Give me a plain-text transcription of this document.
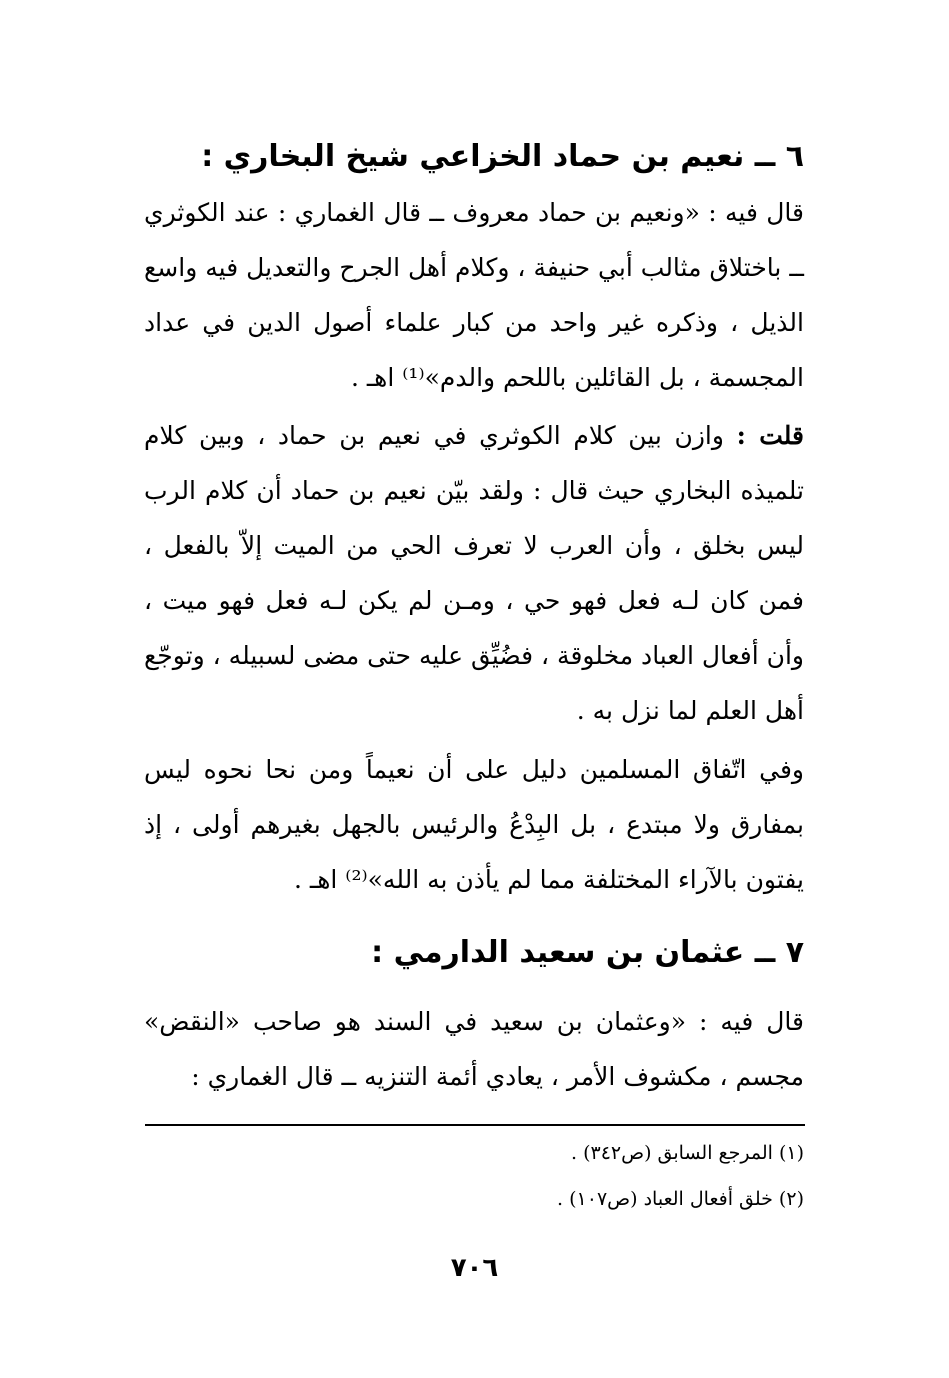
٦ ــ نعيم بن حماد الخزاعي شيخ البخاري :
قال فيه : «ونعيم بن حماد معروف ــ قال الغماري : عند الكوثري ــ باختلاق مثالب أبي حنيفة ، وكلام أهل الجرح والتعديل فيه واسع الذيل ، وذكره غير واحد من كبار علماء أصول الدين في عداد المجسمة ، بل القائلين باللحم والدم»⁽¹⁾ اهـ .
قلت : وازن بين كلام الكوثري في نعيم بن حماد ، وبين كلام تلميذه البخاري حيث قال : ولقد بيّن نعيم بن حماد أن كلام الرب ليس بخلق ، وأن العرب لا تعرف الحي من الميت إلاّ بالفعل ، فمن كان لـه فعل فهو حي ، ومـن لم يكن لـه فعل فهو ميت ، وأن أفعال العباد مخلوقة ، فضُيِّق عليه حتى مضى لسبيله ، وتوجّع أهل العلم لما نزل به .
وفي اتّفاق المسلمين دليل على أن نعيماً ومن نحا نحوه ليس بمفارق ولا مبتدع ، بل البِدْعُ والرئيس بالجهل بغيرهم أولى ، إذ يفتون بالآراء المختلفة مما لم يأذن به الله»⁽²⁾ اهـ .
٧ ــ عثمان بن سعيد الدارمي :
قال فيه : «وعثمان بن سعيد في السند هو صاحب «النقض» مجسم ، مكشوف الأمر ، يعادي أئمة التنزيه ــ قال الغماري :
(١) المرجع السابق (ص٣٤٢) .
(٢) خلق أفعال العباد (ص١٠٧) .
٧٠٦
